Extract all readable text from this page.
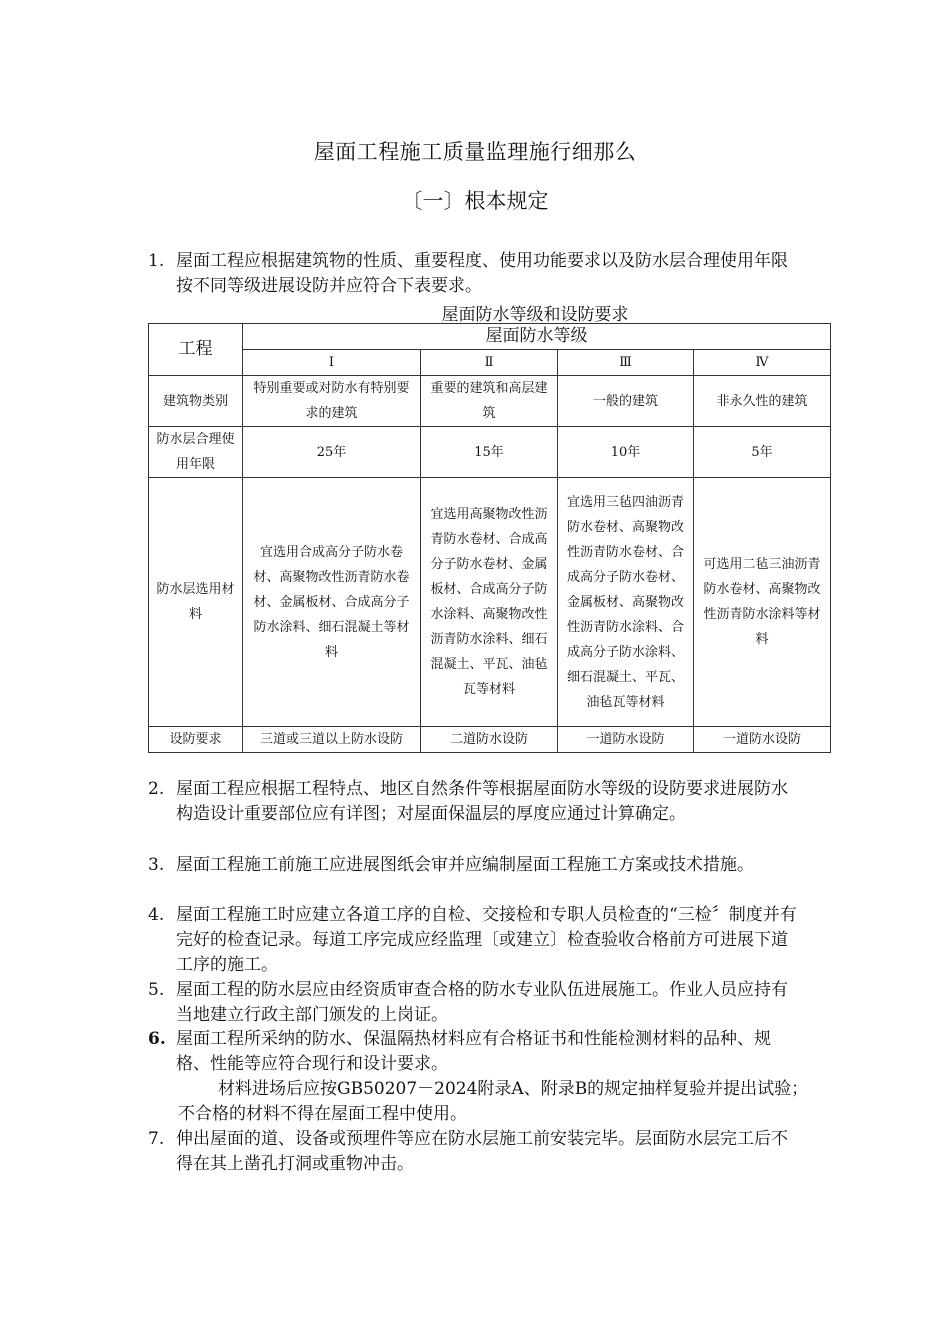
屋面工程施工质量监理施行细那么
〔一〕根本规定
1. 屋面工程应根据建筑物的性质、重要程度、使用功能要求以及防水层合理使用年限按不同等级进展设防并应符合下表要求。
屋面防水等级和设防要求
工程	屋面防水等级			
	Ⅰ	Ⅱ	Ⅲ	Ⅳ
建筑物类别	特别重要或对防水有特别要求的建筑	重要的建筑和高层建筑	一般的建筑	非永久性的建筑
防水层合理使用年限	25年	15年	10年	5年
防水层选用材料	宜选用合成高分子防水卷材、高聚物改性沥青防水卷材、金属板材、合成高分子防水涂料、细石混凝土等材料	宜选用高聚物改性沥青防水卷材、合成高分子防水卷材、金属板材、合成高分子防水涂料、高聚物改性沥青防水涂料、细石混凝土、平瓦、油毡瓦等材料	宜选用三毡四油沥青防水卷材、高聚物改性沥青防水卷材、合成高分子防水卷材、金属板材、高聚物改性沥青防水涂料、合成高分子防水涂料、细石混凝土、平瓦、油毡瓦等材料	可选用二毡三油沥青防水卷材、高聚物改性沥青防水涂料等材料
设防要求	三道或三道以上防水设防	二道防水设防	一道防水设防	一道防水设防
2. 屋面工程应根据工程特点、地区自然条件等根据屋面防水等级的设防要求进展防水构造设计重要部位应有详图；对屋面保温层的厚度应通过计算确定。
3. 屋面工程施工前施工应进展图纸会审并应编制屋面工程施工方案或技术措施。
4. 屋面工程施工时应建立各道工序的自检、交接检和专职人员检查的“三检〞制度并有完好的检查记录。每道工序完成应经监理〔或建立〕检查验收合格前方可进展下道工序的施工。
5. 屋面工程的防水层应由经资质审查合格的防水专业队伍进展施工。作业人员应持有当地建立行政主部门颁发的上岗证。
6. 屋面工程所采纳的防水、保温隔热材料应有合格证书和性能检测材料的品种、规格、性能等应符合现行和设计要求。
材料进场后应按GB50207－2024附录A、附录B的规定抽样复验并提出试验；不合格的材料不得在屋面工程中使用。
7. 伸出屋面的道、设备或预埋件等应在防水层施工前安装完毕。层面防水层完工后不得在其上凿孔打洞或重物冲击。
